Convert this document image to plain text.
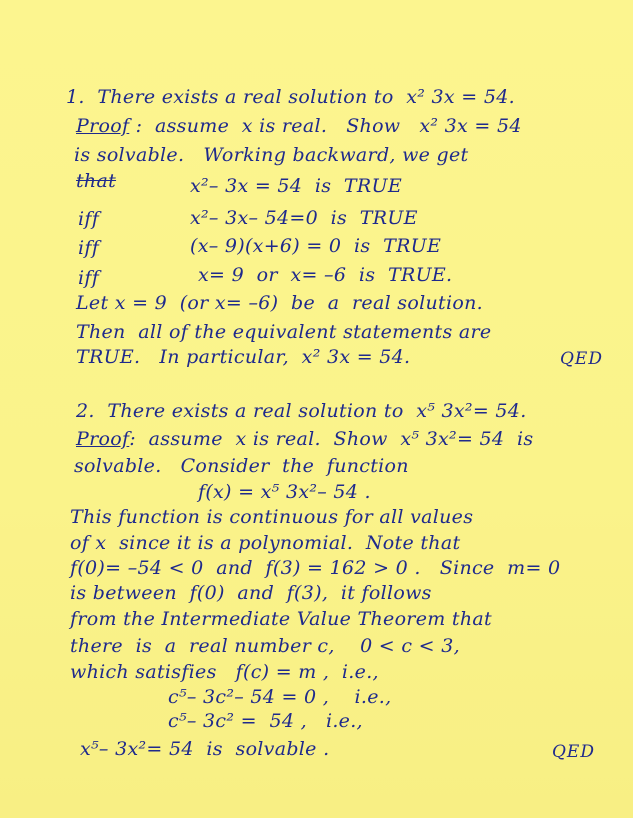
1.  There exists a real solution to  x² 3x = 54.
Proof :  assume  x is real.   Show   x² 3x = 54
is solvable.   Working backward, we get
that	x²– 3x = 54  is  TRUE
iff	x²– 3x– 54=0  is  TRUE
iff	(x– 9)(x+6) = 0  is  TRUE
iff	x= 9  or  x= –6  is  TRUE.
Let x = 9  (or x= –6)  be  a  real solution.
Then  all of the equivalent statements are
TRUE.   In particular,  x² 3x = 54.	QED
2.  There exists a real solution to  x⁵ 3x²= 54.
Proof:  assume  x is real.  Show  x⁵ 3x²= 54  is
solvable.   Consider  the  function
f(x) = x⁵ 3x²– 54 .
This function is continuous for all values
of x  since it is a polynomial.  Note that
f(0)= –54 < 0  and  f(3) = 162 > 0 .   Since  m= 0
is between  f(0)  and  f(3),  it follows
from the Intermediate Value Theorem that
there  is  a  real number c,    0 < c < 3,
which satisfies   f(c) = m ,  i.e.,
c⁵– 3c²– 54 = 0 ,    i.e.,
c⁵– 3c² =  54 ,   i.e.,
x⁵– 3x²= 54  is  solvable .	QED
